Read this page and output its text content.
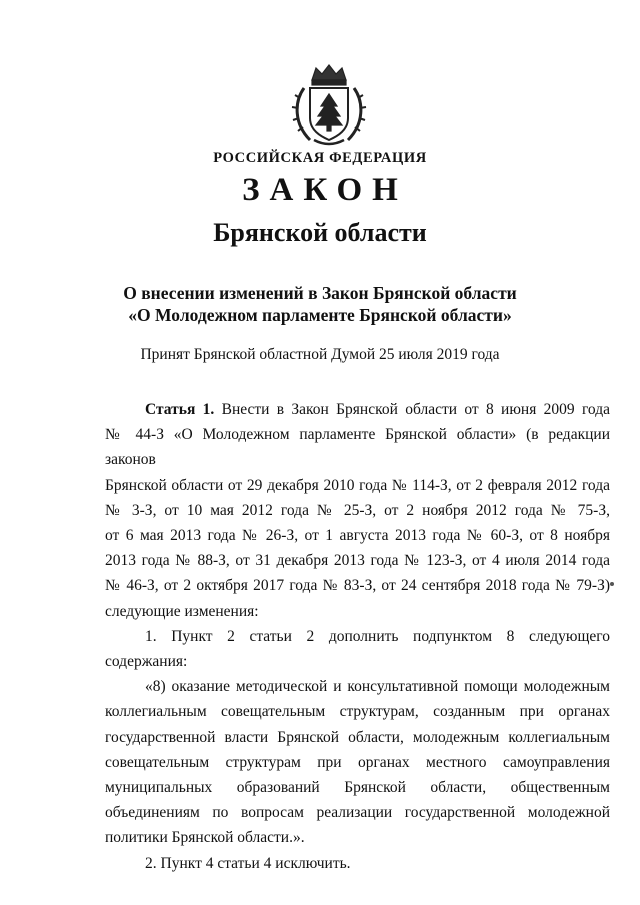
РОССИЙСКАЯ ФЕДЕРАЦИЯ
ЗАКОН
Брянской области
О внесении изменений в Закон Брянской области
«О Молодежном парламенте Брянской области»
Принят Брянской областной Думой 25 июля 2019 года

Статья 1. Внести в Закон Брянской области от 8 июня 2009 года

№ 44-З «О Молодежном парламенте Брянской области» (в редакции законов

Брянской области от 29 декабря 2010 года № 114-З, от 2 февраля 2012 года

№ 3-З, от 10 мая 2012 года № 25-З, от 2 ноября 2012 года № 75-З,

от 6 мая 2013 года № 26-З, от 1 августа 2013 года № 60-З, от 8 ноября

2013 года № 88-З, от 31 декабря 2013 года № 123-З, от 4 июля 2014 года

№ 46-З, от 2 октября 2017 года № 83-З, от 24 сентября 2018 года № 79-З)

следующие изменения:

1. Пункт 2 статьи 2 дополнить подпунктом 8 следующего содержания:

«8) оказание методической и консультативной помощи молодежным

коллегиальным совещательным структурам, созданным при органах

государственной власти Брянской области, молодежным коллегиальным

совещательным структурам при органах местного самоуправления

муниципальных образований Брянской области, общественным

объединениям по вопросам реализации государственной молодежной

политики Брянской области.».

2. Пункт 4 статьи 4 исключить.
